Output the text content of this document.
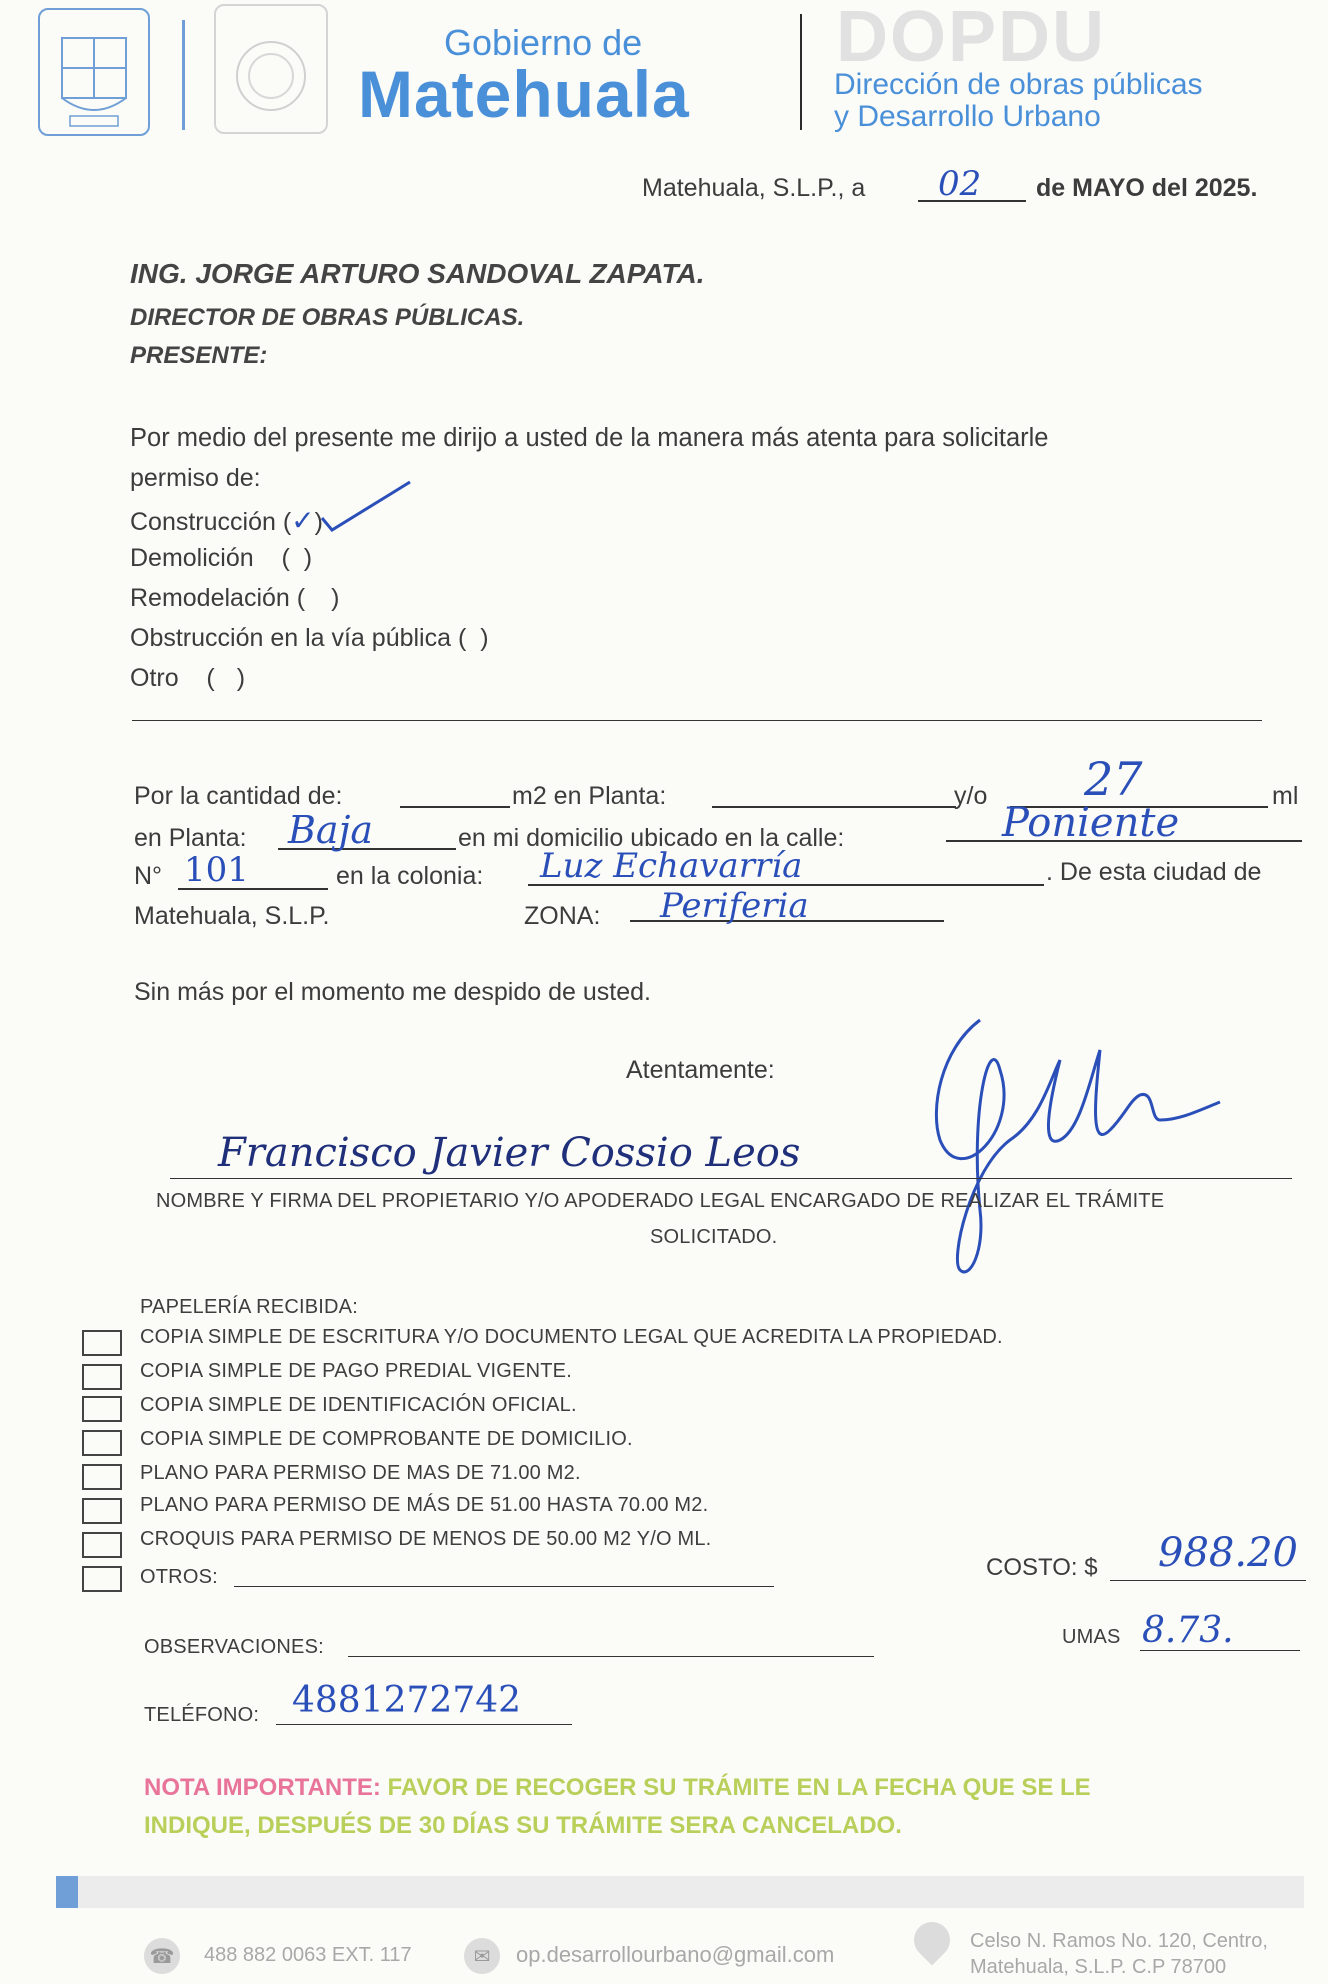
Gobierno de
Matehuala
DOPDU
Dirección de obras públicas
y Desarrollo Urbano
Matehuala, S.L.P., a 02 de MAYO del 2025.
ING. JORGE ARTURO SANDOVAL ZAPATA.
DIRECTOR DE OBRAS PÚBLICAS.
PRESENTE:
Por medio del presente me dirijo a usted de la manera más atenta para solicitarle
permiso de:
Construcción (✓)
Demolición    ( )
Remodelación ( )
Obstrucción en la vía pública ( )
Otro    ( )
Por la cantidad de:	m2 en Planta:	y/o 27	ml
en Planta: Baja	en mi domicilio ubicado en la calle:	Poniente
N° 101	en la colonia: Luz Echavarría	. De esta ciudad de
Matehuala, S.L.P.	ZONA: Periferia
Sin más por el momento me despido de usted.
Atentamente:
Francisco Javier Cossio Leos
NOMBRE Y FIRMA DEL PROPIETARIO Y/O APODERADO LEGAL ENCARGADO DE REALIZAR EL TRÁMITE
SOLICITADO.
PAPELERÍA RECIBIDA:
COPIA SIMPLE DE ESCRITURA Y/O DOCUMENTO LEGAL QUE ACREDITA LA PROPIEDAD.
COPIA SIMPLE DE PAGO PREDIAL VIGENTE.
COPIA SIMPLE DE IDENTIFICACIÓN OFICIAL.
COPIA SIMPLE DE COMPROBANTE DE DOMICILIO.
PLANO PARA PERMISO DE MAS DE 71.00 M2.
PLANO PARA PERMISO DE MÁS DE 51.00 HASTA 70.00 M2.
CROQUIS PARA PERMISO DE MENOS DE 50.00 M2 Y/O ML.
OTROS:	COSTO: $ 988.20
UMAS 8.73.
OBSERVACIONES:
TELÉFONO: 4881272742
NOTA IMPORTANTE: FAVOR DE RECOGER SU TRÁMITE EN LA FECHA QUE SE LE
INDIQUE, DESPUÉS DE 30 DÍAS SU TRÁMITE SERA CANCELADO.
☎ 488 882 0063 EXT. 117	✉	op.desarrollourbano@gmail.com
Celso N. Ramos No. 120, Centro,
Matehuala, S.L.P. C.P 78700
